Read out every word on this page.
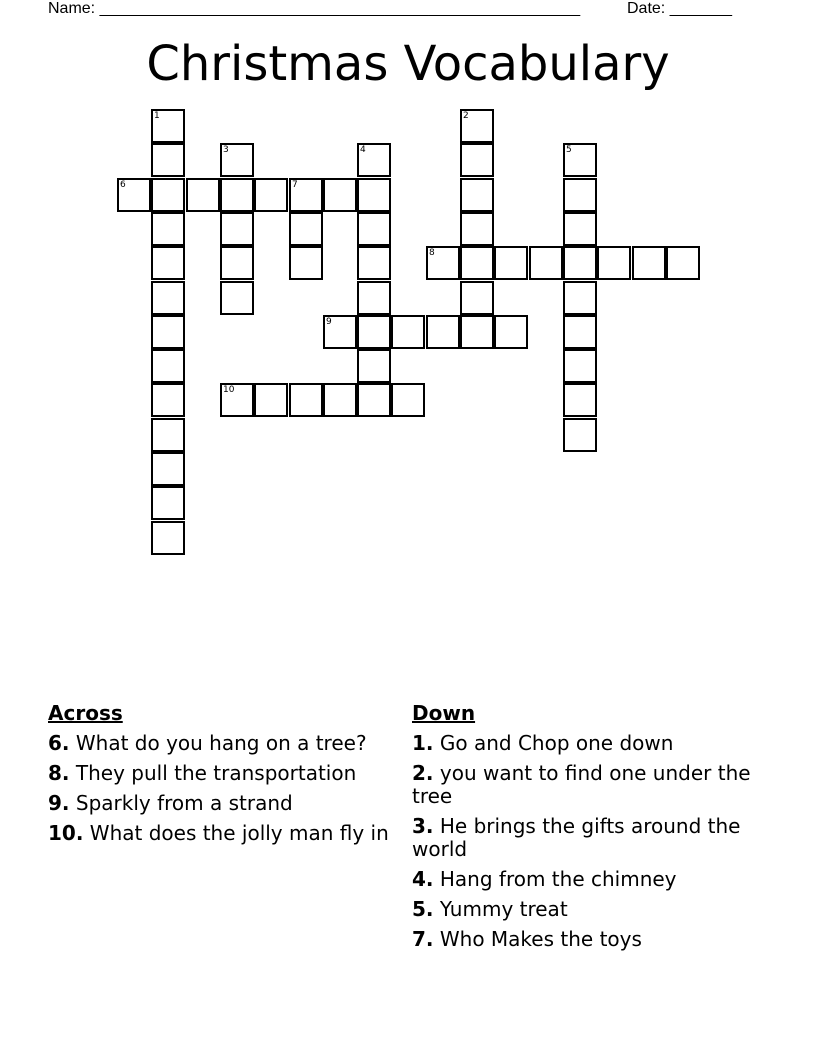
Name: ______________________________________________________	Date: _______
Christmas Vocabulary
1	2
3	4	5
6	7
8
9
10
Across
6. What do you hang on a tree?
8. They pull the transportation
9. Sparkly from a strand
10. What does the jolly man fly in
Down
1. Go and Chop one down
2. you want to find one under the tree
3. He brings the gifts around the world
4. Hang from the chimney
5. Yummy treat
7. Who Makes the toys
